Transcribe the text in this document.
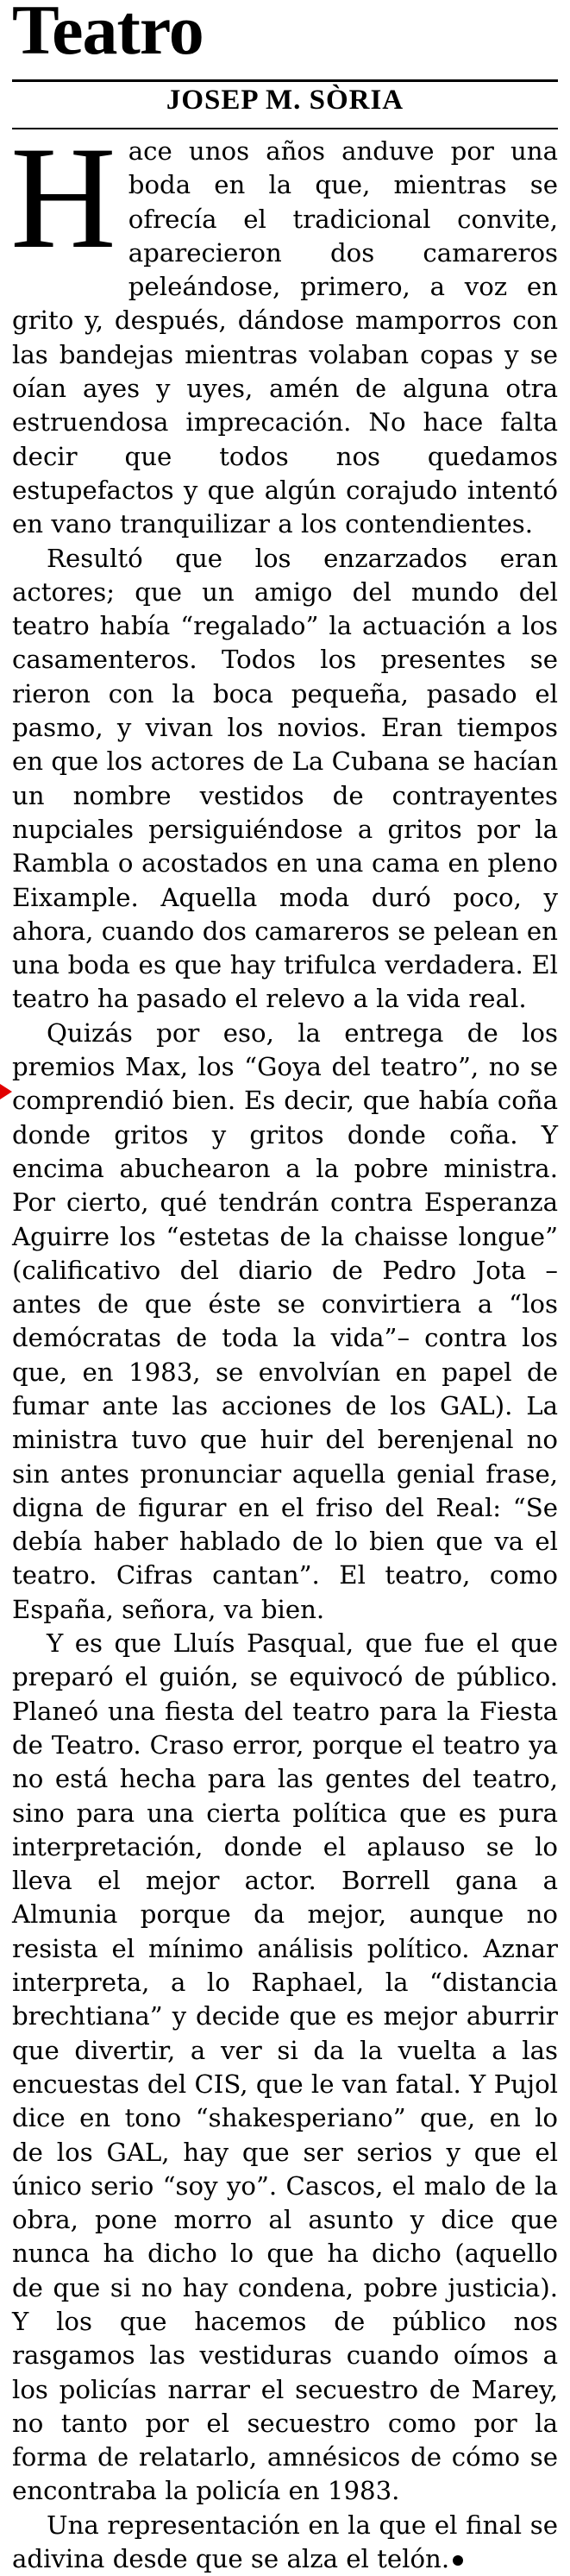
Teatro
JOSEP M. SÒRIA

Hace unos años anduve por una boda en la que, mientras se ofrecía el tradicional convite, aparecieron dos camareros peleándose, primero, a voz en grito y, después, dándose mamporros con las bandejas mientras volaban copas y se oían ayes y uyes, amén de alguna otra estruendosa imprecación. No hace falta decir que todos nos quedamos estupefactos y que algún corajudo intentó en vano tranquilizar a los contendientes.

Resultó que los enzarzados eran actores; que un amigo del mundo del teatro había “regalado” la actuación a los casamenteros. Todos los presentes se rieron con la boca pequeña, pasado el pasmo, y vivan los novios. Eran tiempos en que los actores de La Cubana se hacían un nombre vestidos de contrayentes nupciales persiguiéndose a gritos por la Rambla o acostados en una cama en pleno Eixample. Aquella moda duró poco, y ahora, cuando dos camareros se pelean en una boda es que hay trifulca verdadera. El teatro ha pasado el relevo a la vida real.

Quizás por eso, la entrega de los premios Max, los “Goya del teatro”, no se comprendió bien. Es decir, que había coña donde gritos y gritos donde coña. Y encima abuchearon a la pobre ministra. Por cierto, qué tendrán contra Esperanza Aguirre los “estetas de la chaisse longue” (calificativo del diario de Pedro Jota –antes de que éste se convirtiera a “los demócratas de toda la vida”– contra los que, en 1983, se envolvían en papel de fumar ante las acciones de los GAL). La ministra tuvo que huir del berenjenal no sin antes pronunciar aquella genial frase, digna de figurar en el friso del Real: “Se debía haber hablado de lo bien que va el teatro. Cifras cantan”. El teatro, como España, señora, va bien.

Y es que Lluís Pasqual, que fue el que preparó el guión, se equivocó de público. Planeó una fiesta del teatro para la Fiesta de Teatro. Craso error, porque el teatro ya no está hecha para las gentes del teatro, sino para una cierta política que es pura interpretación, donde el aplauso se lo lleva el mejor actor. Borrell gana a Almunia porque da mejor, aunque no resista el mínimo análisis político. Aznar interpreta, a lo Raphael, la “distancia brechtiana” y decide que es mejor aburrir que divertir, a ver si da la vuelta a las encuestas del CIS, que le van fatal. Y Pujol dice en tono “shakesperiano” que, en lo de los GAL, hay que ser serios y que el único serio “soy yo”. Cascos, el malo de la obra, pone morro al asunto y dice que nunca ha dicho lo que ha dicho (aquello de que si no hay condena, pobre justicia). Y los que hacemos de público nos rasgamos las vestiduras cuando oímos a los policías narrar el secuestro de Marey, no tanto por el secuestro como por la forma de relatarlo, amnésicos de cómo se encontraba la policía en 1983.

Una representación en la que el final se adivina desde que se alza el telón.
